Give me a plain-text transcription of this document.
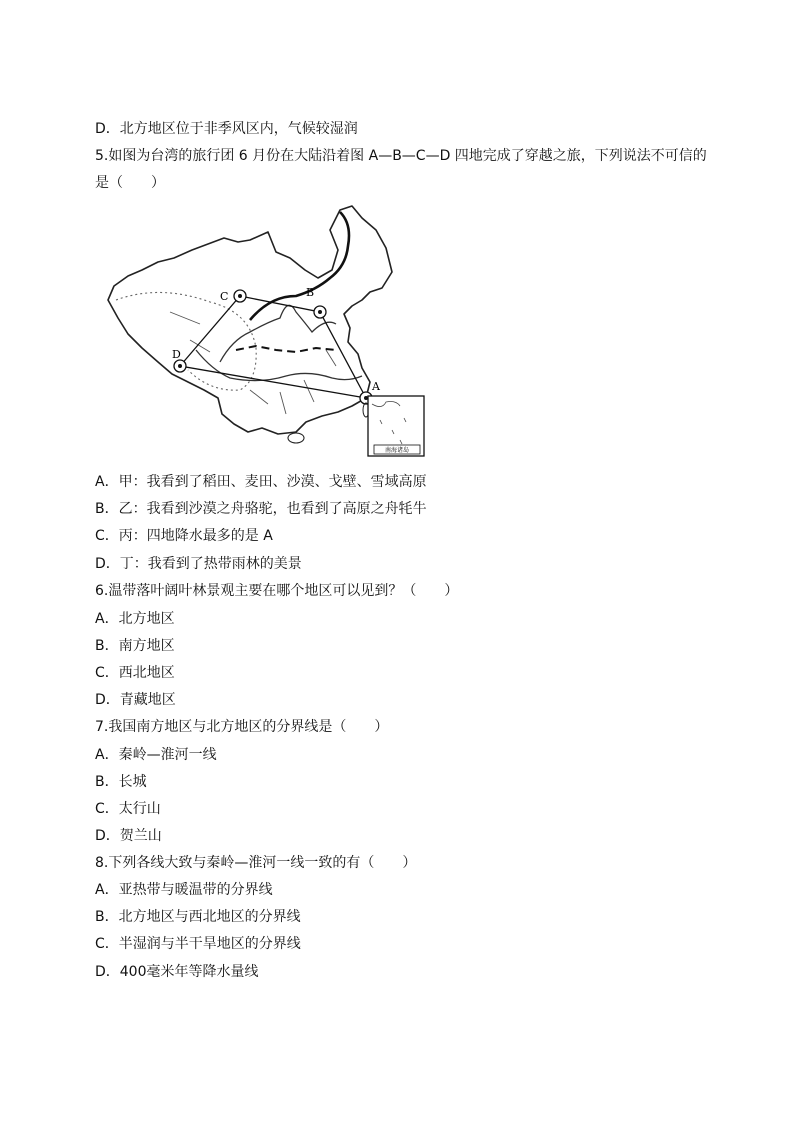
D．北方地区位于非季风区内，气候较湿润
5.如图为台湾的旅行团 6 月份在大陆沿着图 A—B—C—D 四地完成了穿越之旅，下列说法不可信的
是（　　）
A
B
C
D
南海诸岛
A．甲：我看到了稻田、麦田、沙漠、戈壁、雪域高原
B．乙：我看到沙漠之舟骆驼，也看到了高原之舟牦牛
C．丙：四地降水最多的是 A
D．丁：我看到了热带雨林的美景
6.温带落叶阔叶林景观主要在哪个地区可以见到？（　　）
A．北方地区
B．南方地区
C．西北地区
D．青藏地区
7.我国南方地区与北方地区的分界线是（　　）
A．秦岭—淮河一线
B．长城
C．太行山
D．贺兰山
8.下列各线大致与秦岭—淮河一线一致的有（　　）
A．亚热带与暖温带的分界线
B．北方地区与西北地区的分界线
C．半湿润与半干旱地区的分界线
D．400毫米年等降水量线
